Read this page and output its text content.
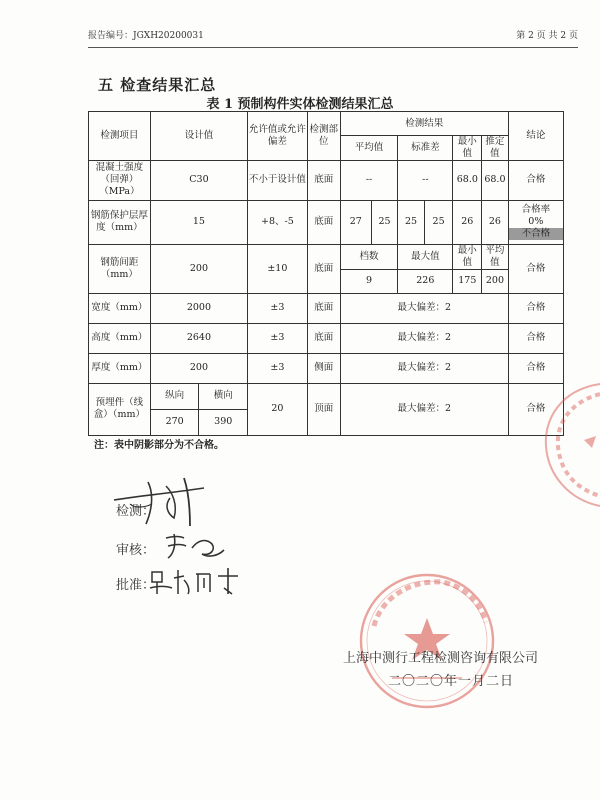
报告编号：JGXH20200031	第 2 页 共 2 页
五 检查结果汇总
表 1 预制构件实体检测结果汇总
检测项目	设计值		允许值或允许偏差	检测部位	检测结果						结论
					平均值		标准差		最小值	推定值	
混凝土强度（回弹）（MPa）	C30		不小于设计值	底面	--		--		68.0	68.0	合格
钢筋保护层厚度（mm）	15		+8、-5	底面	27	25	25	25	26	26	合格率
0%
不合格

钢筋间距（mm）	200		±10	底面	档数		最大值		最小值	平均值	合格
					9		226		175	200	
宽度（mm）	2000		±3	底面	最大偏差：2						合格
高度（mm）	2640		±3	底面	最大偏差：2						合格
厚度（mm）	200		±3	侧面	最大偏差：2						合格
预埋件（线盒）（mm）	纵向	横向	20	顶面	最大偏差：2						合格
	270	390									
注：表中阴影部分为不合格。
检测：
审核：
批准：
上海中测行工程检测咨询有限公司
二〇二〇年一月二日
